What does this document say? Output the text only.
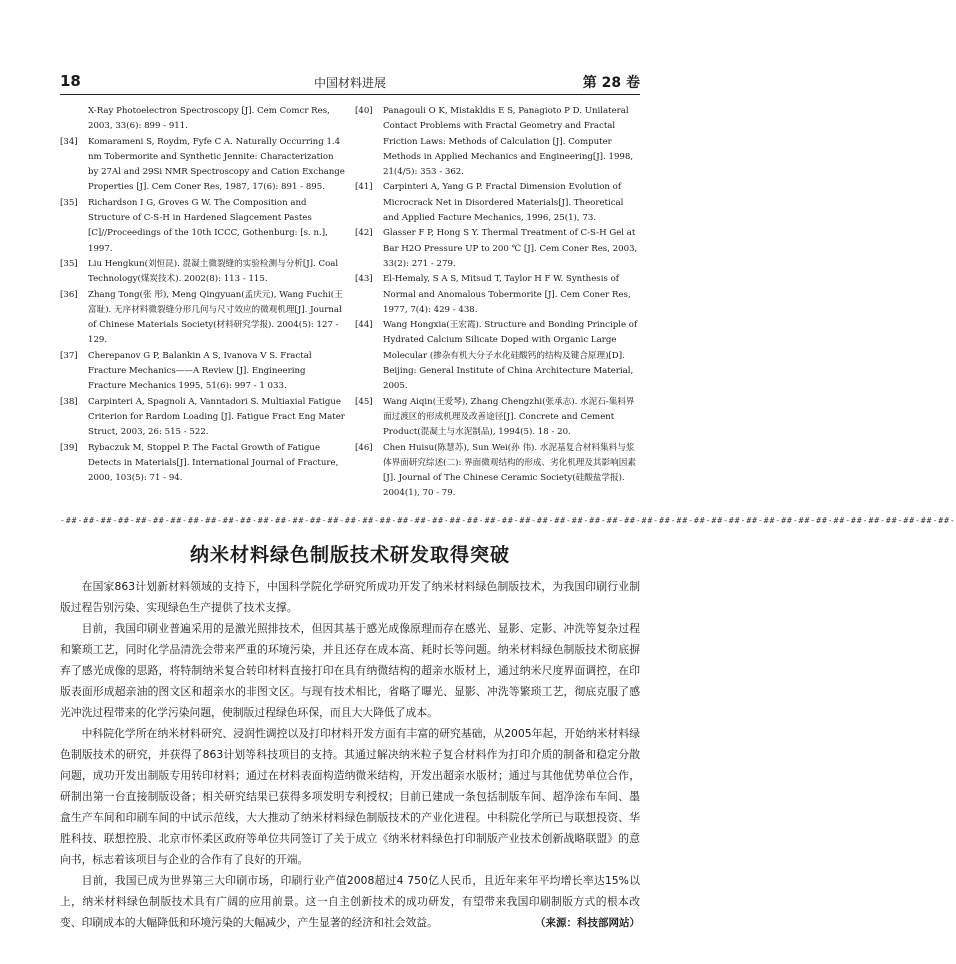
18	中国材料进展	第 28 卷

X-Ray Photoelectron Spectroscopy [J]. Cem Comcr Res, 2003, 33(6): 899 - 911.

[34] Komarameni S, Roydm, Fyfe C A. Naturally Occurring 1.4 nm Tobermorite and Synthetic Jennite: Characterization by 27Al and 29Si NMR Spectroscopy and Cation Exchange Properties [J]. Cem Coner Res, 1987, 17(6): 891 - 895.

[35] Richardson I G, Groves G W. The Composition and Structure of C-S-H in Hardened Slagcement Pastes [C]//Proceedings of the 10th ICCC, Gothenburg: [s. n.], 1997.

[35] Liu Hengkun(刘恒昆). 混凝土微裂缝的实验检测与分析[J]. Coal Technology(煤炭技术). 2002(8): 113 - 115.

[36] Zhang Tong(张 彤), Meng Qingyuan(孟庆元), Wang Fuchi(王富耻). 无序材料微裂缝分形几何与尺寸效应的微观机理[J]. Journal of Chinese Materials Society(材料研究学报). 2004(5): 127 - 129.

[37] Cherepanov G P, Balankin A S, Ivanova V S. Fractal Fracture Mechanics——A Review [J]. Engineering Fracture Mechanics 1995, 51(6): 997 - 1 033.

[38] Carpinteri A, Spagnoli A, Vanntadori S. Multiaxial Fatigue Criterion for Rardom Loading [J]. Fatigue Fract Eng Mater Struct, 2003, 26: 515 - 522.

[39] Rybaczuk M, Stoppel P. The Factal Growth of Fatigue Detects in Materials[J]. International Journal of Fracture, 2000, 103(5): 71 - 94.

[40] Panagouli O K, Mistakldis E S, Panagioto P D. Unilateral Contact Problems with Fractal Geometry and Fractal Friction Laws: Methods of Calculation [J]. Computer Methods in Applied Mechanics and Engineering[J]. 1998, 21(4/5): 353 - 362.

[41] Carpinteri A, Yang G P. Fractal Dimension Evolution of Microcrack Net in Disordered Materials[J]. Theoretical and Applied Facture Mechanics, 1996, 25(1), 73.

[42] Glasser F P, Hong S Y. Thermal Treatment of C-S-H Gel at Bar H2O Pressure UP to 200 ℃ [J]. Cem Coner Res, 2003, 33(2): 271 - 279.

[43] El-Hemaly, S A S, Mitsud T, Taylor H F W. Synthesis of Normal and Anomalous Tobermorite [J]. Cem Coner Res, 1977, 7(4): 429 - 438.

[44] Wang Hongxia(王宏霞). Structure and Bonding Principle of Hydrated Calcium Silicate Doped with Organic Large Molecular (掺杂有机大分子水化硅酸钙的结构及键合原理)[D]. Beijing: General Institute of China Architecture Material, 2005.

[45] Wang Aiqin(王爱琴), Zhang Chengzhi(张承志). 水泥石-集料界面过渡区的形成机理及改善途径[J]. Concrete and Cement Product(混凝土与水泥制品), 1994(5). 18 - 20.

[46] Chen Huisu(陈慧苏), Sun Wei(孙 伟). 水泥基复合材料集料与浆体界面研究综述(二): 界面微观结构的形成、劣化机理及其影响因素[J]. Journal of The Chinese Ceramic Society(硅酸盐学报). 2004(1), 70 - 79.

-##-##-##-##-##-##-##-##-##-##-##-##-##-##-##-##-##-##-##-##-##-##-##-##-##-##-##-##-##-##-##-##-##-##-##-##-##-##-##-##-##-##-##-##-##-##-##-##-##-##-##-
纳米材料绿色制版技术研发取得突破

在国家863计划新材料领域的支持下，中国科学院化学研究所成功开发了纳米材料绿色制版技术，为我国印刷行业制版过程告别污染、实现绿色生产提供了技术支撑。

目前，我国印刷业普遍采用的是激光照排技术，但因其基于感光成像原理而存在感光、显影、定影、冲洗等复杂过程和繁琐工艺，同时化学品清洗会带来严重的环境污染，并且还存在成本高、耗时长等问题。纳米材料绿色制版技术彻底摒弃了感光成像的思路，将特制纳米复合转印材料直接打印在具有纳微结构的超亲水版材上，通过纳米尺度界面调控，在印版表面形成超亲油的图文区和超亲水的非图文区。与现有技术相比，省略了曝光、显影、冲洗等繁琐工艺，彻底克服了感光冲洗过程带来的化学污染问题，使制版过程绿色环保，而且大大降低了成本。

中科院化学所在纳米材料研究、浸润性调控以及打印材料开发方面有丰富的研究基础，从2005年起，开始纳米材料绿色制版技术的研究，并获得了863计划等科技项目的支持。其通过解决纳米粒子复合材料作为打印介质的制备和稳定分散问题，成功开发出制版专用转印材料；通过在材料表面构造纳微米结构，开发出超亲水版材；通过与其他优势单位合作，研制出第一台直接制版设备；相关研究结果已获得多项发明专利授权；目前已建成一条包括制版车间、超净涂布车间、墨盒生产车间和印刷车间的中试示范线，大大推动了纳米材料绿色制版技术的产业化进程。中科院化学所已与联想投资、华胜科技、联想控股、北京市怀柔区政府等单位共同签订了关于成立《纳米材料绿色打印制版产业技术创新战略联盟》的意向书，标志着该项目与企业的合作有了良好的开端。

目前，我国已成为世界第三大印刷市场，印刷行业产值2008超过4 750亿人民币，且近年来年平均增长率达15%以上，纳米材料绿色制版技术具有广阔的应用前景。这一自主创新技术的成功研发，有望带来我国印刷制版方式的根本改变、印刷成本的大幅降低和环境污染的大幅减少，产生显著的经济和社会效益。	（来源：科技部网站）
